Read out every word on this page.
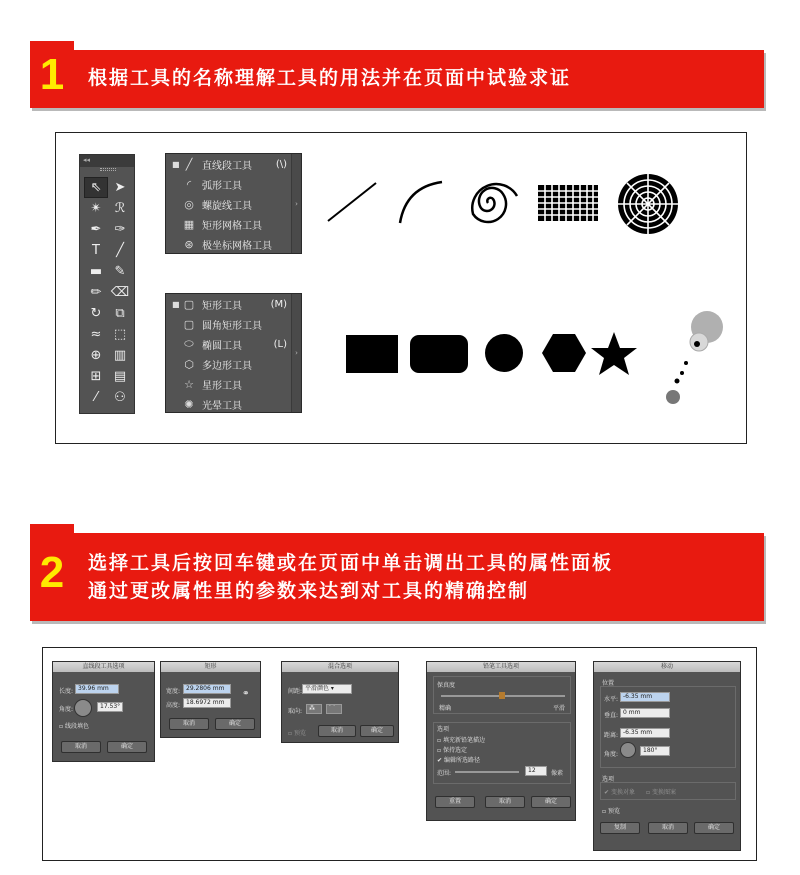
1	根据工具的名称理解工具的用法并在页面中试验求证
◂◂
⇖	➤
✴	ℛ
✒	✑
T	╱
▬ ✎
✏ ⌫
↻	⧉
≈ ⬚
⊕ ▥
⊞ ▤
⁄	⚇
■ ╱ 直线段工具 (\)
◜	弧形工具
◎ 螺旋线工具
▦ 矩形网格工具
⊛ 极坐标网格工具
›
■ ▢ 矩形工具	(M)
▢ 圆角矩形工具
⬭ 椭圆工具	(L)
⬡ 多边形工具
☆ 星形工具
✺ 光晕工具
›
2	选择工具后按回车键或在页面中单击调出工具的属性面板
通过更改属性里的参数来达到对工具的精确控制
直线段工具选项
长度: 39.96 mm
角度:	17.53°
▫ 线段填色
取消	确定
矩形
宽度: 29.2806 mm
高度: 18.6972 mm
⚭
取消	确定
混合选项
间距: 平滑颜色 ▾
取向:	⁂	⌒
▫ 预览	取消	确定
铅笔工具选项
保真度
精确	平滑
选项
▫ 填充新铅笔描边
▫ 保持选定
✔ 编辑所选路径
范围:	12	像素
重置	取消	确定
移动
位置
水平: -6.35 mm
垂直: 0 mm
距离: -6.35 mm
角度:
180°
选项
✔ 变换对象 ▫ 变换图案
▫ 预览
复制	取消	确定
